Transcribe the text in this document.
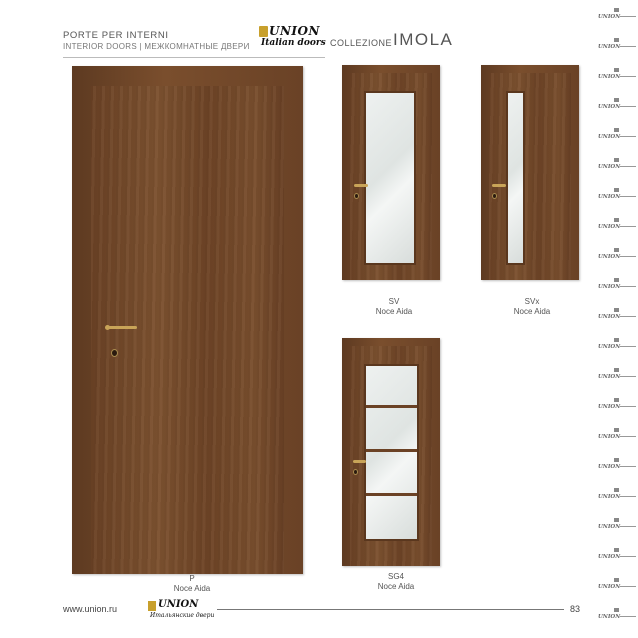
PORTE PER INTERNI
INTERIOR DOORS | МЕЖКОМНАТНЫЕ ДВЕРИ
UNION
Italian doors COLLEZIONE IMOLA
P
Noce Aida
SV
Noce Aida
SVx
Noce Aida
SG4
Noce Aida
www.union.ru	UNION
Итальянские двери
83
UNION
UNION
UNION
UNION
UNION
UNION
UNION
UNION
UNION
UNION
UNION
UNION
UNION
UNION
UNION
UNION
UNION
UNION
UNION
UNION
UNION
